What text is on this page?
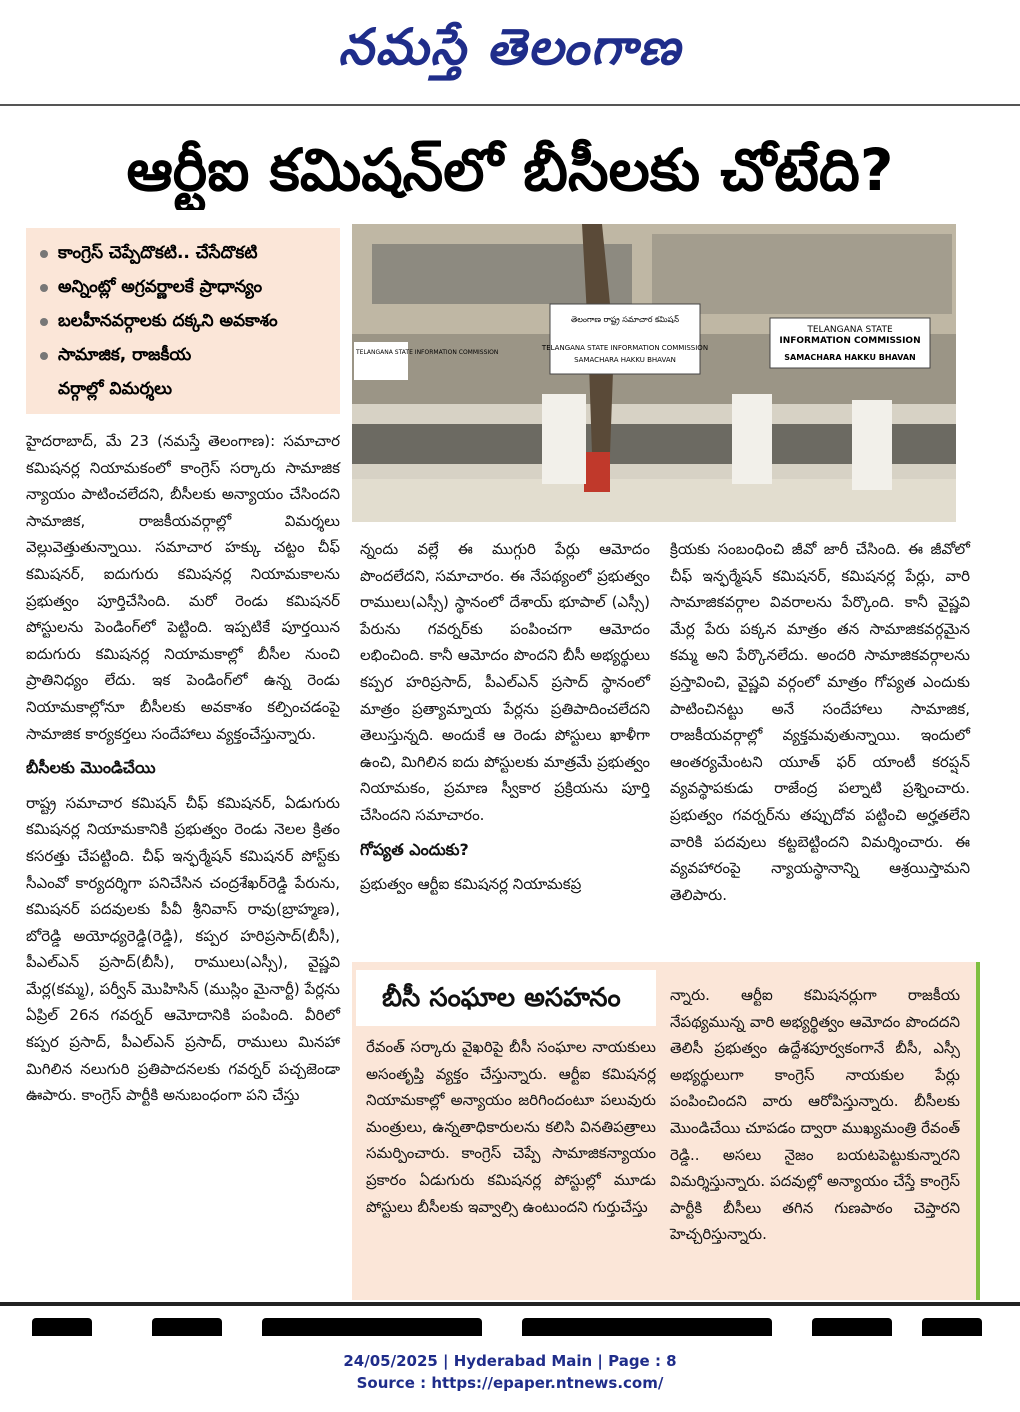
నమస్తే తెలంగాణ
ఆర్టీఐ కమిషన్‌లో బీసీలకు చోటేది?
కాంగ్రెస్ చెప్పేదొకటి.. చేసేదొకటి
అన్నింట్లో అగ్రవర్ణాలకే ప్రాధాన్యం
బలహీనవర్గాలకు దక్కని అవకాశం
సామాజిక, రాజకీయ
వర్గాల్లో విమర్శలు
తెలంగాణ రాష్ట్ర సమాచార కమిషన్
TELANGANA STATE INFORMATION COMMISSION
SAMACHARA HAKKU BHAVAN
TELANGANA STATE
INFORMATION COMMISSION
SAMACHARA HAKKU BHAVAN
TELANGANA STATE INFORMATION COMMISSION

హైదరాబాద్, మే 23 (నమస్తే తెలంగాణ): సమాచార కమిషనర్ల నియామకంలో కాంగ్రెస్ సర్కారు సామాజిక న్యాయం పాటించలేదని, బీసీలకు అన్యాయం చేసిందని సామాజిక, రాజకీయవర్గాల్లో విమర్శలు వెల్లువెత్తుతున్నాయి. సమాచార హక్కు చట్టం చీఫ్ కమిషనర్, ఐదుగురు కమిషనర్ల నియామకాలను ప్రభుత్వం పూర్తిచేసింది. మరో రెండు కమిషనర్ పోస్టులను పెండింగ్‌లో పెట్టింది. ఇప్పటికే పూర్తయిన ఐదుగురు కమిషనర్ల నియామకాల్లో బీసీల నుంచి ప్రాతినిధ్యం లేదు. ఇక పెండింగ్‌లో ఉన్న రెండు నియామకాల్లోనూ బీసీలకు అవకాశం కల్పించడంపై సామాజిక కార్యకర్తలు సందేహాలు వ్యక్తంచేస్తున్నారు.

బీసీలకు మొండిచేయి

రాష్ట్ర సమాచార కమిషన్ చీఫ్ కమిషనర్, ఏడుగురు కమిషనర్ల నియామకానికి ప్రభుత్వం రెండు నెలల క్రితం కసరత్తు చేపట్టింది. చీఫ్ ఇన్ఫర్మేషన్ కమిషనర్ పోస్ట్‌కు సీఎంవో కార్యదర్శిగా పనిచేసిన చంద్రశేఖర్‌రెడ్డి పేరును, కమిషనర్ పదవులకు పీవీ శ్రీనివాస్ రావు(బ్రాహ్మణ), బోరెడ్డి అయోధ్యరెడ్డి(రెడ్డి), కప్పర హరిప్రసాద్(బీసీ), పీఎల్ఎన్ ప్రసాద్(బీసీ), రాములు(ఎస్సీ), వైష్ణవి మేర్ల(కమ్మ), పర్వీన్ మొహిసిన్ (ముస్లిం మైనార్టీ) పేర్లను ఏప్రిల్ 26న గవర్నర్ ఆమోదానికి పంపింది. వీరిలో కప్పర ప్రసాద్, పీఎల్ఎన్ ప్రసాద్, రాములు మినహా మిగిలిన నలుగురి ప్రతిపాదనలకు గవర్నర్ పచ్చజెండా ఊపారు. కాంగ్రెస్ పార్టీకి అనుబంధంగా పని చేస్తు

న్నందు వల్లే ఈ ముగ్గురి పేర్లు ఆమోదం పొందలేదని, సమాచారం. ఈ నేపథ్యంలో ప్రభుత్వం రాములు(ఎస్సీ) స్థానంలో దేశాయ్ భూపాల్ (ఎస్సీ) పేరును గవర్నర్‌కు పంపించగా ఆమోదం లభించింది. కానీ ఆమోదం పొందని బీసీ అభ్యర్థులు కప్పర హరిప్రసాద్, పీఎల్ఎన్ ప్రసాద్ స్థానంలో మాత్రం ప్రత్యామ్నాయ పేర్లను ప్రతిపాదించలేదని తెలుస్తున్నది. అందుకే ఆ రెండు పోస్టులు ఖాళీగా ఉంచి, మిగిలిన ఐదు పోస్టులకు మాత్రమే ప్రభుత్వం నియామకం, ప్రమాణ స్వీకార ప్రక్రియను పూర్తి చేసిందని సమాచారం.

గోప్యత ఎందుకు?

ప్రభుత్వం ఆర్టీఐ కమిషనర్ల నియామకప్ర

క్రియకు సంబంధించి జీవో జారీ చేసింది. ఈ జీవోలో చీఫ్ ఇన్ఫర్మేషన్ కమిషనర్, కమిషనర్ల పేర్లు, వారి సామాజికవర్గాల వివరాలను పేర్కొంది. కానీ వైష్ణవి మేర్ల పేరు పక్కన మాత్రం తన సామాజికవర్గమైన కమ్మ అని పేర్కొనలేదు. అందరి సామాజికవర్గాలను ప్రస్తావించి, వైష్ణవి వర్గంలో మాత్రం గోప్యత ఎందుకు పాటించినట్టు అనే సందేహాలు సామాజిక, రాజకీయవర్గాల్లో వ్యక్తమవుతున్నాయి. ఇందులో ఆంతర్యమేంటని యూత్ ఫర్ యాంటీ కరప్షన్ వ్యవస్థాపకుడు రాజేంద్ర పల్నాటి ప్రశ్నించారు. ప్రభుత్వం గవర్నర్‌ను తప్పుదోవ పట్టించి అర్హతలేని వారికి పదవులు కట్టబెట్టిందని విమర్శించారు. ఈ వ్యవహారంపై న్యాయస్థానాన్ని ఆశ్రయిస్తామని తెలిపారు.

రేవంత్ సర్కారు వైఖరిపై బీసీ సంఘాల నాయకులు అసంతృప్తి వ్యక్తం చేస్తున్నారు. ఆర్టీఐ కమిషనర్ల నియామకాల్లో అన్యాయం జరిగిందంటూ పలువురు మంత్రులు, ఉన్నతాధికారులను కలిసి వినతిపత్రాలు సమర్పించారు. కాంగ్రెస్ చెప్పే సామాజికన్యాయం ప్రకారం ఏడుగురు కమిషనర్ల పోస్టుల్లో మూడు పోస్టులు బీసీలకు ఇవ్వాల్సి ఉంటుందని గుర్తుచేస్తు
న్నారు. ఆర్టీఐ కమిషనర్లుగా రాజకీయ నేపథ్యమున్న వారి అభ్యర్థిత్వం ఆమోదం పొందదని తెలిసీ ప్రభుత్వం ఉద్దేశపూర్వకంగానే బీసీ, ఎస్సీ అభ్యర్థులుగా కాంగ్రెస్ నాయకుల పేర్లు పంపించిందని వారు ఆరోపిస్తున్నారు. బీసీలకు మొండిచేయి చూపడం ద్వారా ముఖ్యమంత్రి రేవంత్ రెడ్డి.. అసలు నైజం బయటపెట్టుకున్నారని విమర్శిస్తున్నారు. పదవుల్లో అన్యాయం చేస్తే కాంగ్రెస్ పార్టీకి బీసీలు తగిన గుణపాఠం చెప్తారని హెచ్చరిస్తున్నారు.
బీసీ సంఘాల అసహనం
24/05/2025 | Hyderabad Main | Page : 8
Source : https://epaper.ntnews.com/
